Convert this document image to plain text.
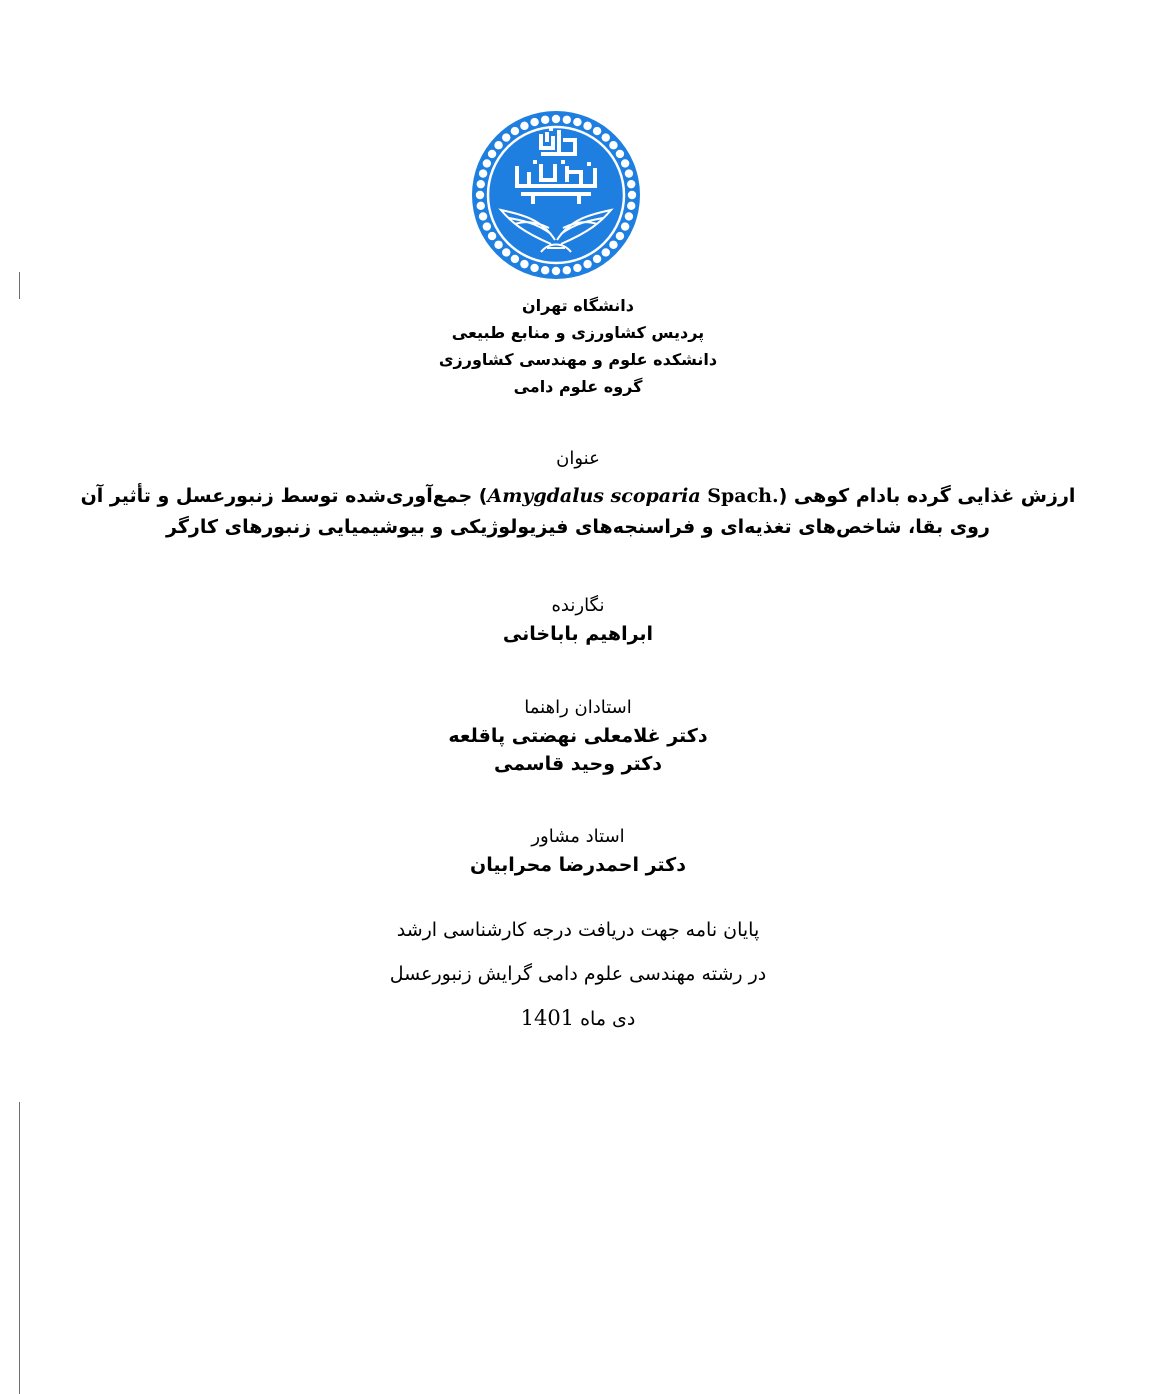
دانشگاه تهران
پردیس کشاورزی و منابع طبیعی
دانشکده علوم و مهندسی کشاورزی
گروه علوم دامی
عنوان
ارزش غذایی گرده بادام کوهی (Amygdalus scoparia Spach.) جمع‌آوری‌شده توسط زنبورعسل و تأثیر آن
روی بقا، شاخص‌های تغذیه‌ای و فراسنجه‌های فیزیولوژیکی و بیوشیمیایی زنبورهای کارگر
نگارنده
ابراهیم باباخانی
استادان راهنما
دکتر غلامعلی نهضتی پاقلعه
دکتر وحید قاسمی
استاد مشاور
دکتر احمدرضا محرابیان
پایان نامه جهت دریافت درجه کارشناسی ارشد
در رشته مهندسی علوم دامی گرایش زنبورعسل
دی ماه 1401
